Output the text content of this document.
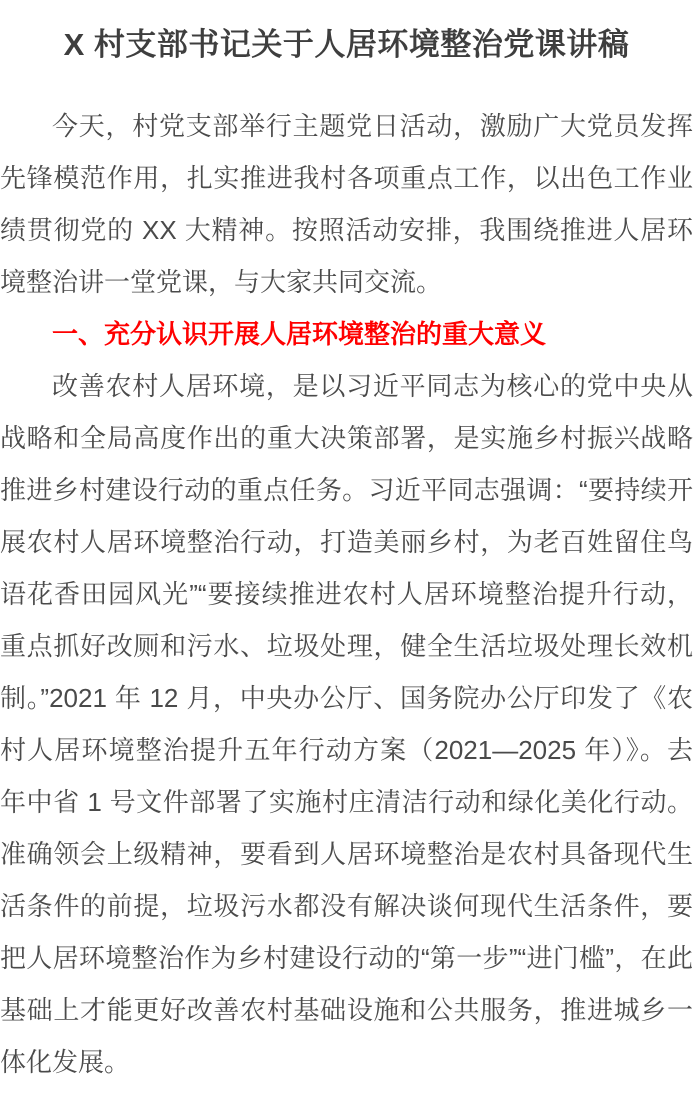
X 村支部书记关于人居环境整治党课讲稿

今天，村党支部举行主题党日活动，激励广大党员发挥先锋模范作用，扎实推进我村各项重点工作，以出色工作业绩贯彻党的 XX 大精神。按照活动安排，我围绕推进人居环境整治讲一堂党课，与大家共同交流。

一、充分认识开展人居环境整治的重大意义

改善农村人居环境，是以习近平同志为核心的党中央从战略和全局高度作出的重大决策部署，是实施乡村振兴战略推进乡村建设行动的重点任务。习近平同志强调：“要持续开展农村人居环境整治行动，打造美丽乡村，为老百姓留住鸟语花香田园风光”“要接续推进农村人居环境整治提升行动，重点抓好改厕和污水、垃圾处理，健全生活垃圾处理长效机制。”2021 年 12 月，中央办公厅、国务院办公厅印发了《农村人居环境整治提升五年行动方案（2021—2025 年）》。去年中省 1 号文件部署了实施村庄清洁行动和绿化美化行动。准确领会上级精神，要看到人居环境整治是农村具备现代生活条件的前提，垃圾污水都没有解决谈何现代生活条件，要把人居环境整治作为乡村建设行动的“第一步”“进门槛”，在此基础上才能更好改善农村基础设施和公共服务，推进城乡一体化发展。
